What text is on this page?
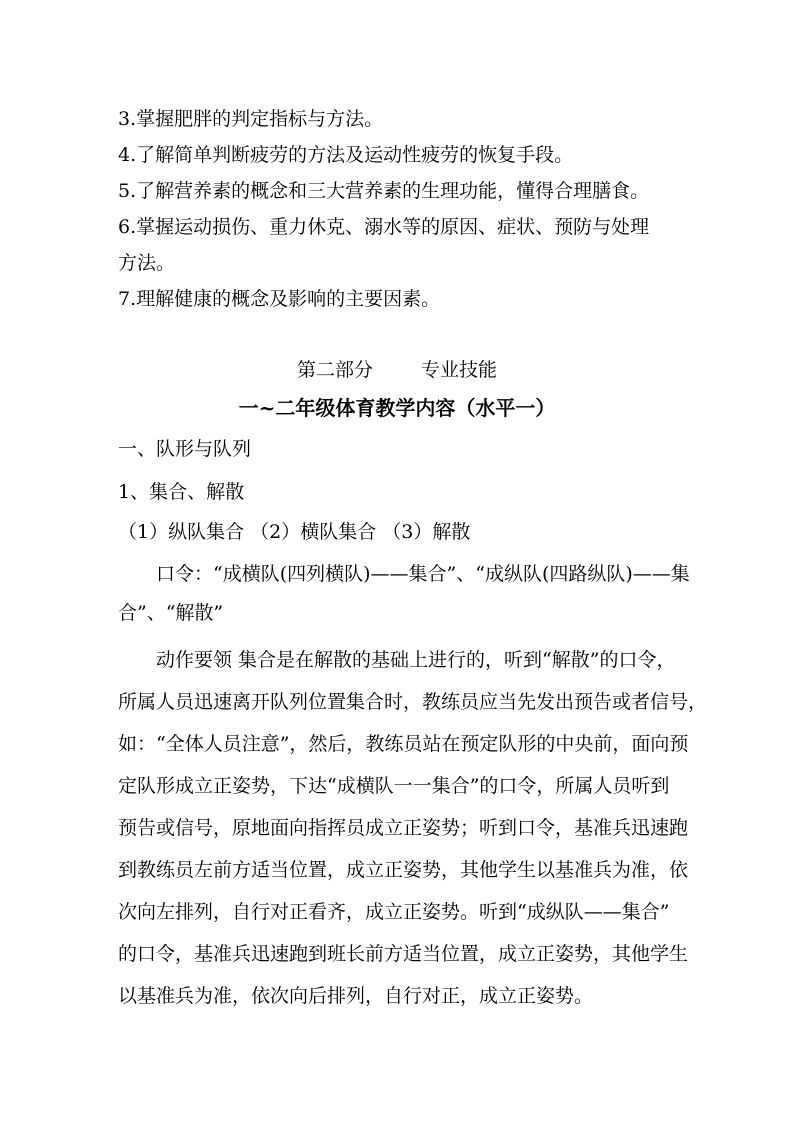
3.掌握肥胖的判定指标与方法。
4.了解简单判断疲劳的方法及运动性疲劳的恢复手段。
5.了解营养素的概念和三大营养素的生理功能，懂得合理膳食。
6.掌握运动损伤、重力休克、溺水等的原因、症状、预防与处理
方法。
7.理解健康的概念及影响的主要因素。
第二部分	专业技能
一~二年级体育教学内容（水平一）
一、队形与队列
1、集合、解散
（1）纵队集合 （2）横队集合 （3）解散
口令：“成横队(四列横队)——集合”、“成纵队(四路纵队)——集
合”、“解散”
动作要领 集合是在解散的基础上进行的，听到“解散”的口令，
所属人员迅速离开队列位置集合时，教练员应当先发出预告或者信号，
如：“全体人员注意”，然后，教练员站在预定队形的中央前，面向预
定队形成立正姿势，下达“成横队一一集合”的口令，所属人员听到
预告或信号，原地面向指挥员成立正姿势；听到口令，基准兵迅速跑
到教练员左前方适当位置，成立正姿势，其他学生以基准兵为准，依
次向左排列，自行对正看齐，成立正姿势。听到“成纵队——集合”
的口令，基准兵迅速跑到班长前方适当位置，成立正姿势，其他学生
以基准兵为准，依次向后排列，自行对正，成立正姿势。
